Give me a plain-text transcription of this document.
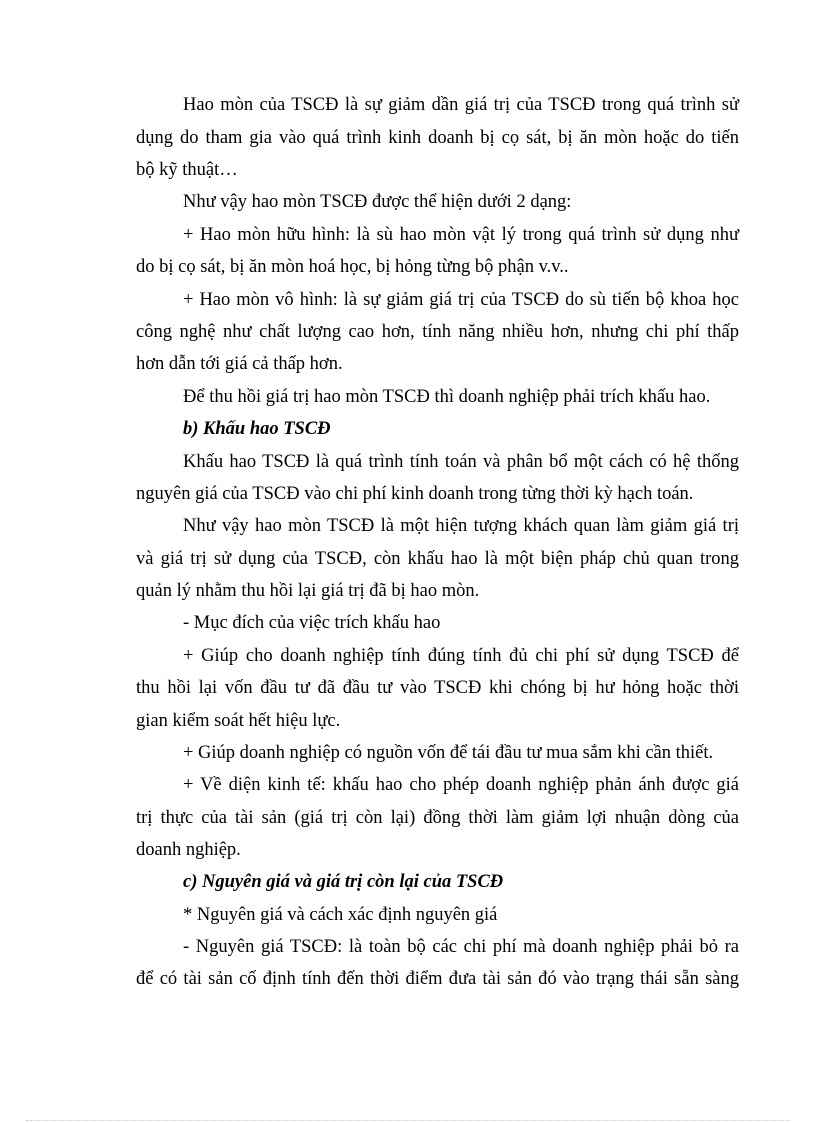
Hao mòn của TSCĐ là sự giảm dần giá trị của TSCĐ trong quá trình sử
dụng do tham gia vào quá trình kinh doanh bị cọ sát, bị ăn mòn hoặc do tiến
bộ kỹ thuật…
Như vậy hao mòn TSCĐ được thể hiện dưới 2 dạng:
+ Hao mòn hữu hình: là sù hao mòn vật lý trong quá trình sử dụng như
do bị cọ sát, bị ăn mòn hoá học, bị hỏng từng bộ phận v.v..
+ Hao mòn vô hình: là sự giảm giá trị của TSCĐ do sù tiến bộ khoa học
công nghệ như chất lượng cao hơn, tính năng nhiều hơn, nhưng chi phí thấp
hơn dẫn tới giá cả thấp hơn.
Để thu hồi giá trị hao mòn TSCĐ thì doanh nghiệp phải trích khấu hao.
b) Khấu hao TSCĐ
Khấu hao TSCĐ là quá trình tính toán và phân bổ một cách có hệ thống
nguyên giá của TSCĐ vào chi phí kinh doanh trong từng thời kỳ hạch toán.
Như vậy hao mòn TSCĐ là một hiện tượng khách quan làm giảm giá trị
và giá trị sử dụng của TSCĐ, còn khấu hao là một biện pháp chủ quan trong
quản lý nhằm thu hồi lại giá trị đã bị hao mòn.
- Mục đích của việc trích khấu hao
+ Giúp cho doanh nghiệp tính đúng tính đủ chi phí sử dụng TSCĐ để
thu hồi lại vốn đầu tư đã đầu tư vào TSCĐ khi chóng bị hư hỏng hoặc thời
gian kiểm soát hết hiệu lực.
+ Giúp doanh nghiệp có nguồn vốn để tái đầu tư mua sắm khi cần thiết.
+ Về diện kinh tế: khấu hao cho phép doanh nghiệp phản ánh được giá
trị thực của tài sản (giá trị còn lại) đồng thời làm giảm lợi nhuận dòng của
doanh nghiệp.
c) Nguyên giá và giá trị còn lại của TSCĐ
* Nguyên giá và cách xác định nguyên giá
- Nguyên giá TSCĐ: là toàn bộ các chi phí mà doanh nghiệp phải bỏ ra
để có tài sản cố định tính đến thời điểm đưa tài sản đó vào trạng thái sẵn sàng
